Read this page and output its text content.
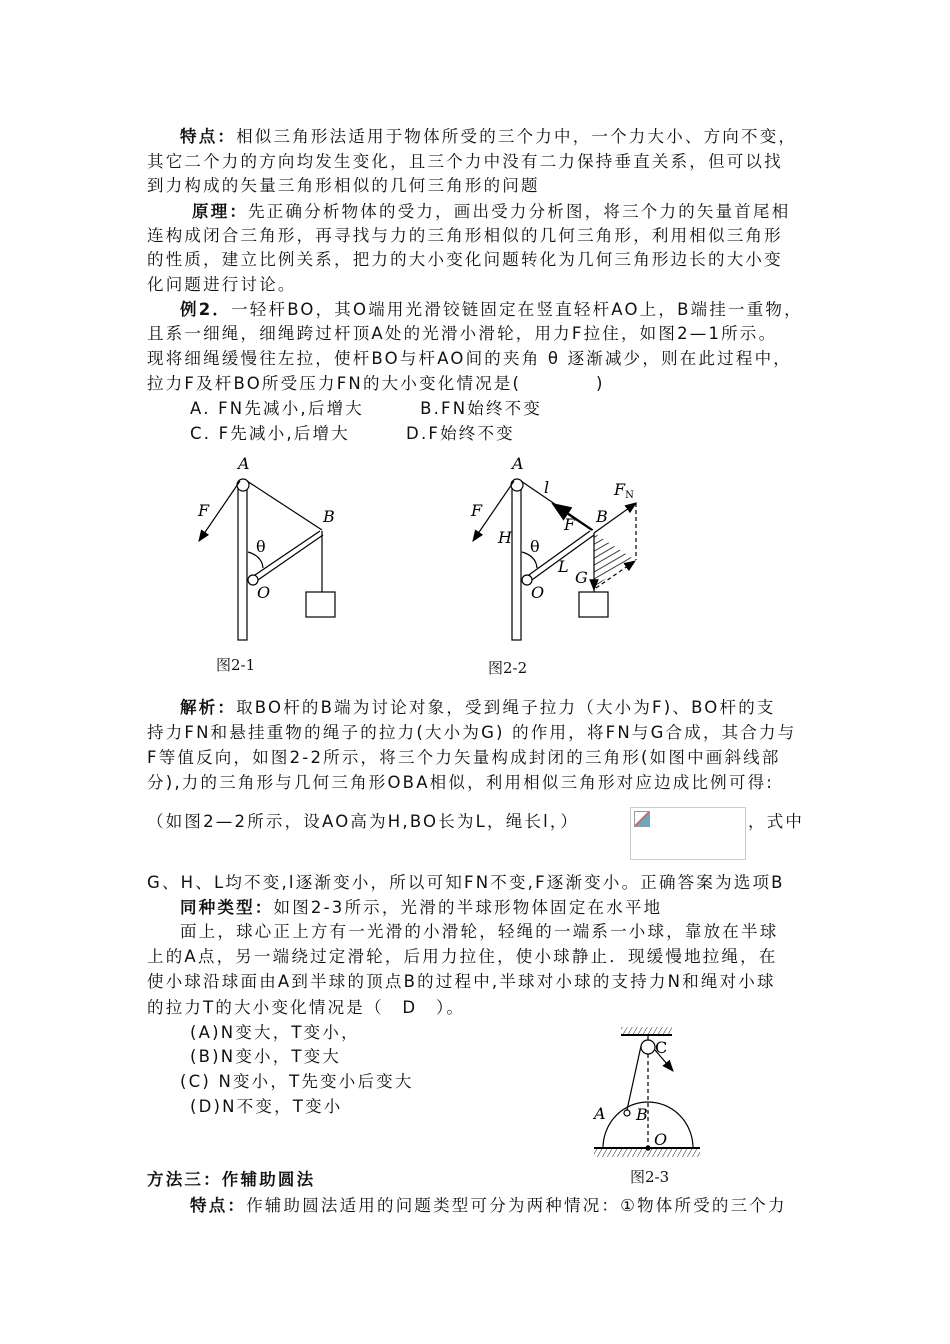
特点：相似三角形法适用于物体所受的三个力中，一个力大小、方向不变，
其它二个力的方向均发生变化，且三个力中没有二力保持垂直关系，但可以找
到力构成的矢量三角形相似的几何三角形的问题
原理：先正确分析物体的受力，画出受力分析图，将三个力的矢量首尾相
连构成闭合三角形，再寻找与力的三角形相似的几何三角形，利用相似三角形
的性质，建立比例关系，把力的大小变化问题转化为几何三角形边长的大小变
化问题进行讨论。
例2．一轻杆BO，其O端用光滑铰链固定在竖直轻杆AO上，B端挂一重物，
且系一细绳，细绳跨过杆顶A处的光滑小滑轮，用力F拉住，如图2—1所示。
现将细绳缓慢往左拉，使杆BO与杆AO间的夹角 θ 逐渐减少，则在此过程中，
拉力F及杆BO所受压力FN的大小变化情况是(　　　　)
A. FN先减小,后增大　　　B.FN始终不变
C. F先减小,后增大　　　D.F始终不变
解析：取BO杆的B端为讨论对象，受到绳子拉力（大小为F)、BO杆的支
持力FN和悬挂重物的绳子的拉力(大小为G) 的作用，将FN与G合成，其合力与
F等值反向，如图2-2所示，将三个力矢量构成封闭的三角形(如图中画斜线部
分),力的三角形与几何三角形OBA相似，利用相似三角形对应边成比例可得:
（如图2—2所示，设AO高为H,BO长为L，绳长l，）	，式中
G、H、L均不变,l逐渐变小，所以可知FN不变,F逐渐变小。正确答案为选项B
同种类型：如图2-3所示，光滑的半球形物体固定在水平地
面上，球心正上方有一光滑的小滑轮，轻绳的一端系一小球，靠放在半球
上的A点，另一端绕过定滑轮，后用力拉住，使小球静止．现缓慢地拉绳，在
使小球沿球面由A到半球的顶点B的过程中,半球对小球的支持力N和绳对小球
的拉力T的大小变化情况是（　D　）。
(A)N变大，T变小，
(B)N变小，T变大
(C) N变小，T先变小后变大
(D)N不变，T变小
方法三：作辅助圆法
特点：作辅助圆法适用的问题类型可分为两种情况：①物体所受的三个力
A
F	B
θ
O
A
l	FN
B
F
F
H θ
L
G
O
C
A B
O
图2-1	图2-2
图2-3
